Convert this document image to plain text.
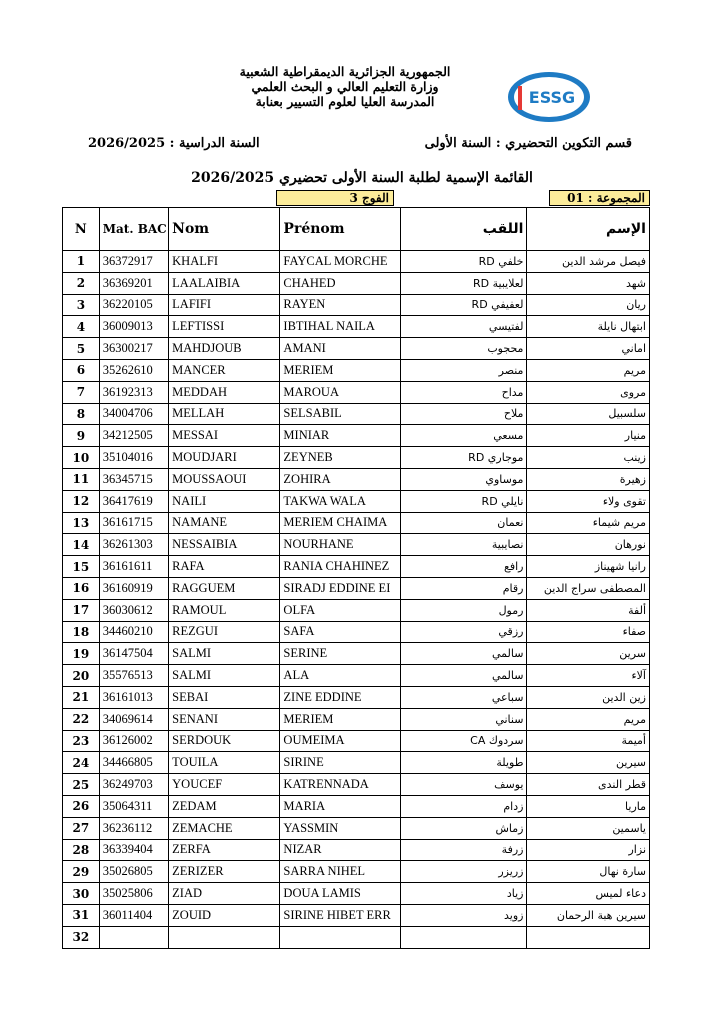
الجمهورية الجزائرية الديمقراطية الشعبية
وزارة التعليم العالي و البحث العلمي
المدرسة العليا لعلوم التسيير بعنابة	ESSG
قسم التكوين التحضيري : السنة الأولى
السنة الدراسية : 2026/2025
القائمة الإسمية لطلبة السنة الأولى تحضيري 2026/2025
الفوج 3	المجموعة : 01
N	Mat. BAC	Nom	Prénom	اللقب	الإسم
1	36372917	KHALFI	FAYCAL MORCHE	خلفي RD	فيصل مرشد الدين
2	36369201	LAALAIBIA	CHAHED	لعلايبية RD	شهد
3	36220105	LAFIFI	RAYEN	لعفيفي RD	ريان
4	36009013	LEFTISSI	IBTIHAL NAILA	لفتيسي	ابتهال نايلة
5	36300217	MAHDJOUB	AMANI	محجوب	اماني
6	35262610	MANCER	MERIEM	منصر	مريم
7	36192313	MEDDAH	MAROUA	مداح	مروى
8	34004706	MELLAH	SELSABIL	ملاح	سلسبيل
9	34212505	MESSAI	MINIAR	مسعي	منيار
10	35104016	MOUDJARI	ZEYNEB	موجاري RD	زينب
11	36345715	MOUSSAOUI	ZOHIRA	موساوي	زهيرة
12	36417619	NAILI	TAKWA WALA	نايلي RD	تقوى ولاء
13	36161715	NAMANE	MERIEM CHAIMA	نعمان	مريم شيماء
14	36261303	NESSAIBIA	NOURHANE	نصايبية	نورهان
15	36161611	RAFA	RANIA CHAHINEZ	رافع	رانيا شهيناز
16	36160919	RAGGUEM	SIRADJ EDDINE EI	رقام	المصطفى سراج الدين
17	36030612	RAMOUL	OLFA	رمول	ألفة
18	34460210	REZGUI	SAFA	رزقي	صفاء
19	36147504	SALMI	SERINE	سالمي	سرين
20	35576513	SALMI	ALA	سالمي	آلاء
21	36161013	SEBAI	ZINE EDDINE	سباعي	زين الدين
22	34069614	SENANI	MERIEM	سناني	مريم
23	36126002	SERDOUK	OUMEIMA	سردوك CA	أميمة
24	34466805	TOUILA	SIRINE	طويلة	سيرين
25	36249703	YOUCEF	KATRENNADA	يوسف	قطر الندى
26	35064311	ZEDAM	MARIA	زدام	ماريا
27	36236112	ZEMACHE	YASSMIN	زماش	ياسمين
28	36339404	ZERFA	NIZAR	زرفة	نزار
29	35026805	ZERIZER	SARRA NIHEL	زريزر	سارة نهال
30	35025806	ZIAD	DOUA LAMIS	زياد	دعاء لميس
31	36011404	ZOUID	SIRINE HIBET ERR	زويد	سيرين هبة الرحمان
32					
